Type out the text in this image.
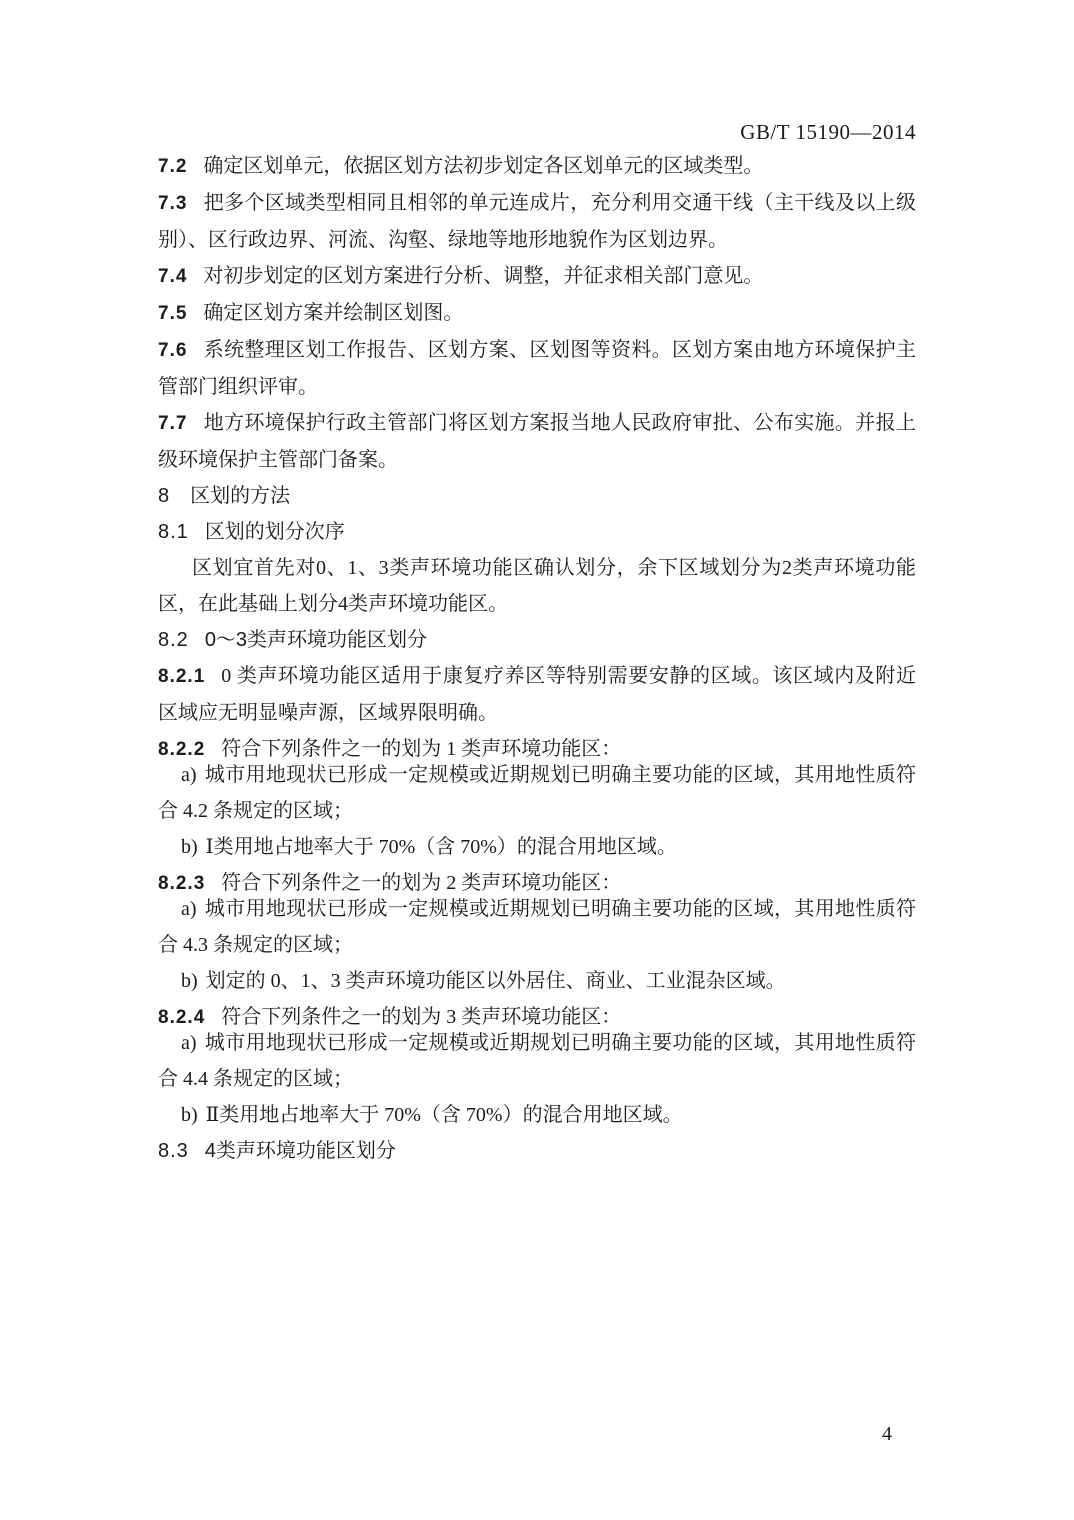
GB/T 15190—2014

7.2 确定区划单元，依据区划方法初步划定各区划单元的区域类型。

7.3 把多个区域类型相同且相邻的单元连成片，充分利用交通干线（主干线及以上级别）、区行政边界、河流、沟壑、绿地等地形地貌作为区划边界。

7.4 对初步划定的区划方案进行分析、调整，并征求相关部门意见。

7.5 确定区划方案并绘制区划图。

7.6 系统整理区划工作报告、区划方案、区划图等资料。区划方案由地方环境保护主管部门组织评审。

7.7 地方环境保护行政主管部门将区划方案报当地人民政府审批、公布实施。并报上级环境保护主管部门备案。

8 区划的方法
8.1 区划的划分次序

区划宜首先对0、1、3类声环境功能区确认划分，余下区域划分为2类声环境功能区，在此基础上划分4类声环境功能区。

8.2 0～3类声环境功能区划分

8.2.1 0 类声环境功能区适用于康复疗养区等特别需要安静的区域。该区域内及附近区域应无明显噪声源，区域界限明确。

8.2.2 符合下列条件之一的划为 1 类声环境功能区：

a) 城市用地现状已形成一定规模或近期规划已明确主要功能的区域，其用地性质符合 4.2 条规定的区域；

b) Ⅰ类用地占地率大于 70%（含 70%）的混合用地区域。

8.2.3 符合下列条件之一的划为 2 类声环境功能区：

a) 城市用地现状已形成一定规模或近期规划已明确主要功能的区域，其用地性质符合 4.3 条规定的区域；

b) 划定的 0、1、3 类声环境功能区以外居住、商业、工业混杂区域。

8.2.4 符合下列条件之一的划为 3 类声环境功能区：

a) 城市用地现状已形成一定规模或近期规划已明确主要功能的区域，其用地性质符合 4.4 条规定的区域；

b) Ⅱ类用地占地率大于 70%（含 70%）的混合用地区域。

8.3 4类声环境功能区划分
4
